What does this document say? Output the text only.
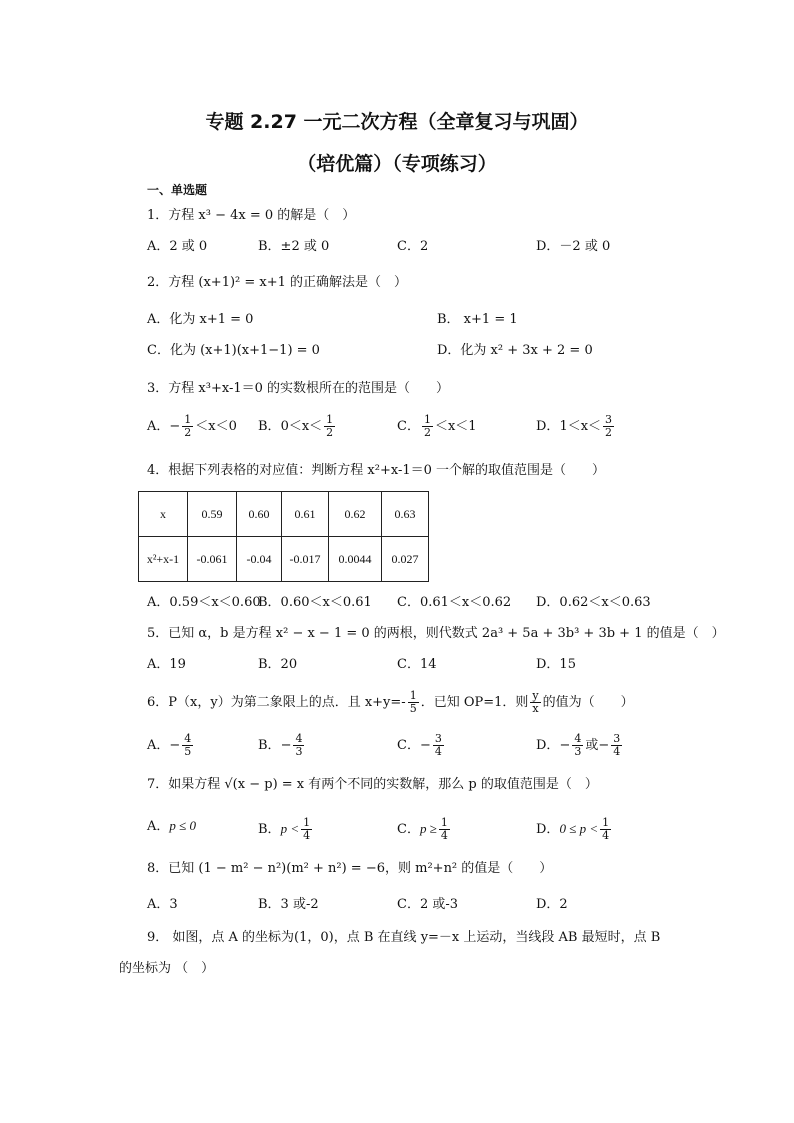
专题 2.27 一元二次方程（全章复习与巩固）
（培优篇）（专项练习）
一、单选题
1．方程 x³ − 4x = 0 的解是（　）
A．2 或 0	B．±2 或 0	C．2	D．－2 或 0
2．方程 (x+1)² = x+1 的正确解法是（　）
A．化为 x+1 = 0	B． x+1 = 1
C．化为 (x+1)(x+1−1) = 0	D．化为 x² + 3x + 2 = 0
3．方程 x³+x-1＝0 的实数根所在的范围是（　　）
A．− $\frac{1}{2} <x<0$ B．$0<x< \frac{1}{2}$	C． $\frac{1}{2} <x<1$	D．$1<x< \frac{3}{2}$
4．根据下列表格的对应值：判断方程 x²+x-1＝0 一个解的取值范围是（　　）
x	0.59	0.60	0.61	0.62	0.63
x²+x-1	-0.061	-0.04	-0.017	0.0044	0.027
A．0.59＜x＜0.60
B．0.60＜x＜0.61 C．0.61＜x＜0.62 D．0.62＜x＜0.63
5．已知 α，b 是方程 x² − x − 1 = 0 的两根，则代数式 2a³ + 5a + 3b³ + 3b + 1 的值是（　）
A．19	B．20	C．14	D．15
6．P（x，y）为第二象限上的点．且 $x+y=- \frac{1}{5}$ ．已知 OP=1．则 $\frac{y}{x}$ 的值为（　　）
A．− $\frac{4}{5}$	B．− $\frac{4}{3}$	C．− $\frac{3}{4}$	D．− $\frac{4}{3}$ 或− $\frac{3}{4}$
7．如果方程 √(x − p) = x 有两个不同的实数解，那么 p 的取值范围是（　）
A．p ≤ 0	B．$p < \frac{1}{4}$	C．$p \ge \frac{1}{4}$	D．$0 \le p < \frac{1}{4}$
8．已知 (1 − m² − n²)(m² + n²) = −6，则 m²+n² 的值是（　　）
A．3	B．3 或-2	C．2 或-3	D．2
9． 如图，点 A 的坐标为(1，0)，点 B 在直线 y=－x 上运动，当线段 AB 最短时，点 B
的坐标为 （　）
